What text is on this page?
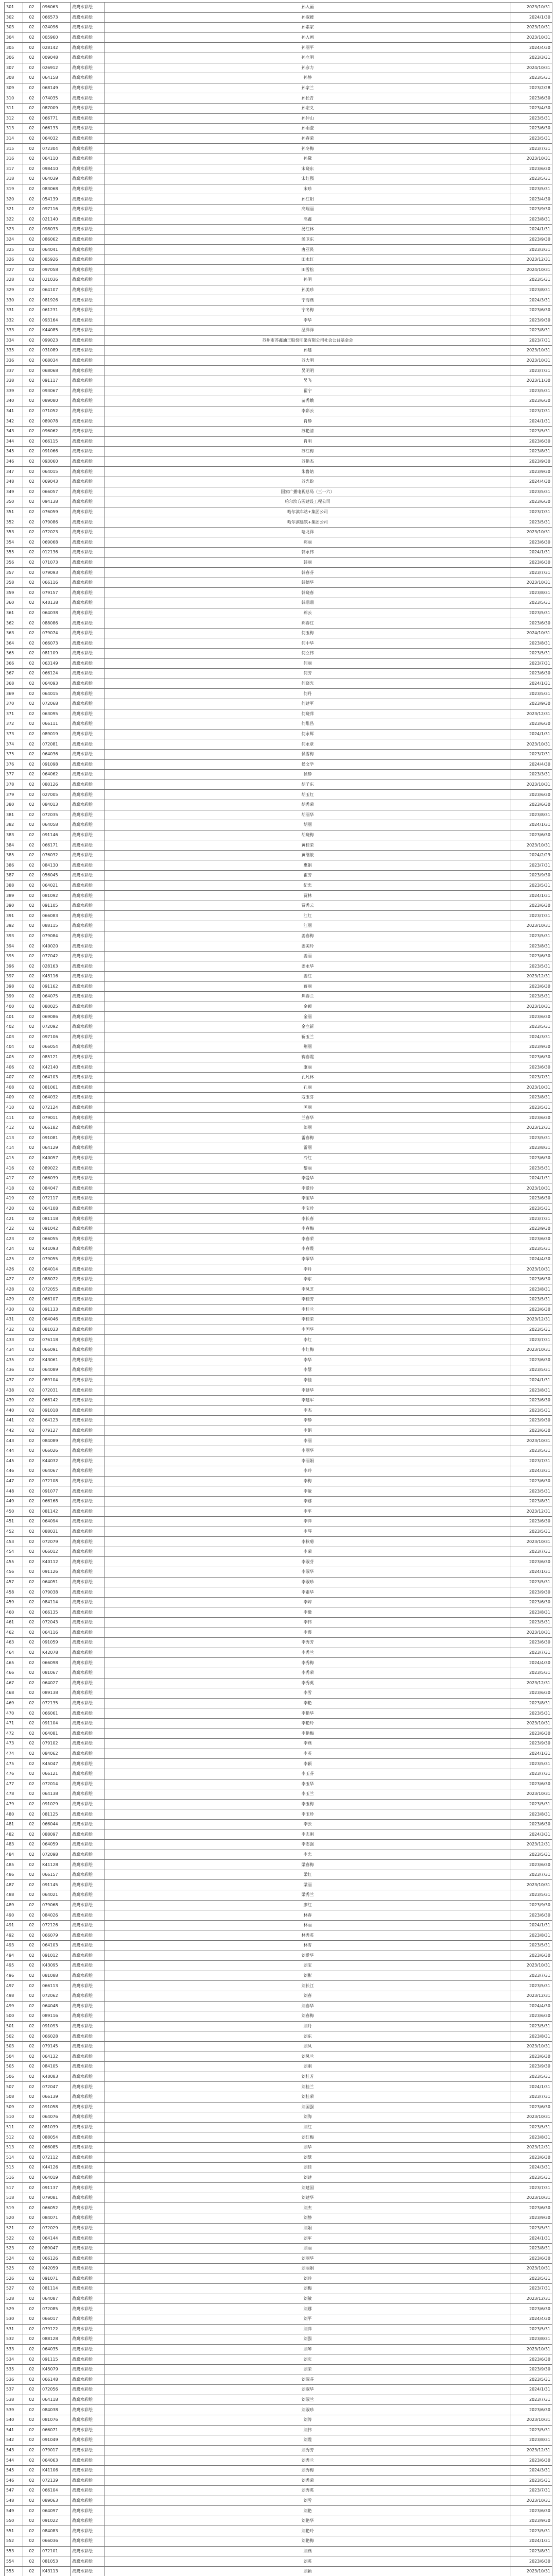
301	02	096063	战鹰水彩绘	孙入画	2023/10/31
302	02	066573	战鹰水彩绘	孙淑媛	2024/1/30
303	02	024096	战鹰水彩绘	孙素家	2023/10/31
304	02	005960	战鹰水彩绘	孙入画	2023/10/31
305	02	028142	战鹰水彩绘	孙丽平	2024/4/30
306	02	009048	战鹰水彩绘	孙立明	2023/3/31
307	02	026912	战鹰水彩绘	孙彦力	2024/10/31
308	02	064158	战鹰水彩绘	孙静	2023/5/31
309	02	068149	战鹰水彩绘	孙家兰	2023/2/28
310	02	074035	战鹰水彩绘	孙长青	2023/6/30
311	02	087009	战鹰水彩绘	孙宏义	2023/4/30
312	02	066771	战鹰水彩绘	孙仲山	2023/5/31
313	02	066133	战鹰水彩绘	孙雨澄	2023/6/30
314	02	064032	战鹰水彩绘	孙春荣	2023/5/31
315	02	072304	战鹰水彩绘	孙冬梅	2023/7/31
316	02	064110	战鹰水彩绘	孙黛	2023/10/31
317	02	098410	战鹰水彩绘	宋晓东	2023/6/30
318	02	064039	战鹰水彩绘	宋红强	2023/5/31
319	02	083068	战鹰水彩绘	宋珍	2023/5/31
320	02	054139	战鹰水彩绘	孙红阳	2023/4/30
321	02	097116	战鹰水彩绘	高瑞丽	2023/9/30
322	02	021140	战鹰水彩绘	高鑫	2023/8/31
323	02	098033	战鹰水彩绘	汤红林	2024/1/31
324	02	086062	战鹰水彩绘	汤卫东	2023/9/30
325	02	064041	战鹰水彩绘	唐亚民	2023/3/31
326	02	085926	战鹰水彩绘	田永红	2023/12/31
327	02	097058	战鹰水彩绘	田雪松	2024/10/31
328	02	021036	战鹰水彩绘	孙明	2023/5/31
329	02	064107	战鹰水彩绘	孙美珍	2023/8/31
330	02	081926	战鹰水彩绘	宁海燕	2024/3/31
331	02	061231	战鹰水彩绘	宁冬梅	2023/6/30
332	02	093164	战鹰水彩绘	李华	2023/9/30
333	02	K44085	战鹰水彩绘	温洋洋	2023/8/31
334	02	099023	战鹰水彩绘	苏州市苏鑫油王股份印染有限公司社会公益基金会	2023/7/31
335	02	031089	战鹰水彩绘	孙建	2023/10/31
336	02	068034	战鹰水彩绘	苏大明	2023/10/31
337	02	068068	战鹰水彩绘	吴明明	2023/7/31
338	02	091117	战鹰水彩绘	吴飞	2023/11/30
339	02	093067	战鹰水彩绘	翟宁	2023/5/31
340	02	089080	战鹰水彩绘	苗秀娥	2023/6/30
341	02	071052	战鹰水彩绘	李彩云	2023/7/31
342	02	089078	战鹰水彩绘	肖静	2024/1/31
343	02	096062	战鹰水彩绘	苏艳清	2023/5/31
344	02	066115	战鹰水彩绘	肖明	2023/6/30
345	02	091066	战鹰水彩绘	苏红梅	2023/8/31
346	02	093060	战鹰水彩绘	苏艳杰	2023/9/30
347	02	064015	战鹰水彩绘	朱鲁姑	2023/9/30
348	02	069043	战鹰水彩绘	苏光盼	2024/4/30
349	02	066057	战鹰水彩绘	国家广播电视总局（三一六）	2023/5/31
350	02	094138	战鹰水彩绘	哈尔滨方圆建设工程公司	2023/6/30
351	02	076059	战鹰水彩绘	哈尔滨车站+集团公司	2023/7/31
352	02	079086	战鹰水彩绘	哈尔滨建筑+集团公司	2023/5/31
353	02	072023	战鹰水彩绘	哈龙祥	2023/10/31
354	02	069068	战鹰水彩绘	郝丽	2023/6/30
355	02	012136	战鹰水彩绘	韩永伟	2024/1/31
356	02	071073	战鹰水彩绘	韩丽	2023/6/30
357	02	079093	战鹰水彩绘	韩春芬	2023/7/31
358	02	066116	战鹰水彩绘	韩德华	2023/10/31
359	02	079157	战鹰水彩绘	韩晓春	2023/8/31
360	02	K40138	战鹰水彩绘	韩珊珊	2023/5/31
361	02	064038	战鹰水彩绘	郝云	2023/5/31
362	02	088086	战鹰水彩绘	郝春红	2023/6/30
363	02	079074	战鹰水彩绘	何玉梅	2024/10/31
364	02	066073	战鹰水彩绘	何中华	2023/8/31
365	02	081109	战鹰水彩绘	何立伟	2023/5/31
366	02	063149	战鹰水彩绘	何丽	2023/7/31
367	02	066124	战鹰水彩绘	何芳	2023/6/30
368	02	064093	战鹰水彩绘	何晓光	2024/1/31
369	02	064015	战鹰水彩绘	何丹	2023/5/31
370	02	072068	战鹰水彩绘	何建军	2023/9/30
371	02	063095	战鹰水彩绘	何晓萍	2023/12/31
372	02	066111	战鹰水彩绘	何维昌	2023/6/30
373	02	089019	战鹰水彩绘	何永辉	2024/1/31
374	02	072081	战鹰水彩绘	何永章	2023/10/31
375	02	064036	战鹰水彩绘	侯雪梅	2023/7/31
376	02	091098	战鹰水彩绘	侯文学	2024/4/30
377	02	064062	战鹰水彩绘	侯静	2023/3/31
378	02	080126	战鹰水彩绘	胡子东	2023/10/31
379	02	027005	战鹰水彩绘	胡玉红	2023/6/30
380	02	084013	战鹰水彩绘	胡秀荣	2023/6/30
381	02	072035	战鹰水彩绘	胡丽华	2023/8/31
382	02	064058	战鹰水彩绘	胡丽	2024/1/31
383	02	091146	战鹰水彩绘	胡晓梅	2023/6/30
384	02	066171	战鹰水彩绘	黄桂荣	2023/10/31
385	02	076032	战鹰水彩绘	黄继敏	2024/2/29
386	02	084130	战鹰水彩绘	惠娟	2023/7/31
387	02	056045	战鹰水彩绘	霍芳	2023/9/30
388	02	064021	战鹰水彩绘	纪忠	2023/5/31
389	02	081092	战鹰水彩绘	贾林	2024/1/31
390	02	091105	战鹰水彩绘	贾秀云	2023/6/30
391	02	066083	战鹰水彩绘	江红	2023/7/31
392	02	088115	战鹰水彩绘	江丽	2023/10/31
393	02	079084	战鹰水彩绘	姜春梅	2023/5/31
394	02	K40020	战鹰水彩绘	姜美玲	2023/8/31
395	02	077042	战鹰水彩绘	姜丽	2023/6/30
396	02	028163	战鹰水彩绘	姜永华	2023/5/31
397	02	K45116	战鹰水彩绘	姜红	2023/12/31
398	02	091162	战鹰水彩绘	蒋丽	2023/6/30
399	02	064075	战鹰水彩绘	焦春兰	2023/5/31
400	02	080025	战鹰水彩绘	金颖	2023/10/31
401	02	069086	战鹰水彩绘	金丽	2023/6/30
402	02	072092	战鹰水彩绘	金立新	2023/5/31
403	02	097106	战鹰水彩绘	靳玉兰	2024/3/31
404	02	066054	战鹰水彩绘	荆丽	2023/9/30
405	02	085121	战鹰水彩绘	鞠春霞	2023/6/30
406	02	K42140	战鹰水彩绘	康丽	2023/6/30
407	02	064103	战鹰水彩绘	孔凡林	2023/7/31
408	02	081061	战鹰水彩绘	孔丽	2023/10/31
409	02	064032	战鹰水彩绘	寇玉芬	2023/8/31
410	02	072124	战鹰水彩绘	匡丽	2023/5/31
411	02	079011	战鹰水彩绘	兰春华	2023/6/30
412	02	066182	战鹰水彩绘	郎丽	2023/12/31
413	02	091081	战鹰水彩绘	雷春梅	2023/5/31
414	02	064129	战鹰水彩绘	雷丽	2023/8/31
415	02	K40057	战鹰水彩绘	冷红	2023/6/30
416	02	089022	战鹰水彩绘	黎丽	2023/5/31
417	02	066039	战鹰水彩绘	李爱华	2024/1/31
418	02	084047	战鹰水彩绘	李爱玲	2023/10/31
419	02	072117	战鹰水彩绘	李宝华	2023/6/30
420	02	064108	战鹰水彩绘	李宝珍	2023/5/31
421	02	081118	战鹰水彩绘	李长春	2023/7/31
422	02	091042	战鹰水彩绘	李春梅	2023/9/30
423	02	066055	战鹰水彩绘	李春荣	2023/6/30
424	02	K41093	战鹰水彩绘	李春霞	2023/5/31
425	02	079055	战鹰水彩绘	李翠华	2024/4/30
426	02	064014	战鹰水彩绘	李丹	2023/10/31
427	02	088072	战鹰水彩绘	李东	2023/6/30
428	02	072055	战鹰水彩绘	李凤芝	2023/8/31
429	02	066107	战鹰水彩绘	李桂芳	2023/5/31
430	02	091133	战鹰水彩绘	李桂兰	2023/6/30
431	02	064046	战鹰水彩绘	李桂荣	2023/12/31
432	02	081033	战鹰水彩绘	李国华	2023/5/31
433	02	076118	战鹰水彩绘	李红	2023/7/31
434	02	066091	战鹰水彩绘	李红梅	2023/10/31
435	02	K43061	战鹰水彩绘	李华	2023/6/30
436	02	064089	战鹰水彩绘	李慧	2023/5/31
437	02	089104	战鹰水彩绘	李佳	2024/1/31
438	02	072031	战鹰水彩绘	李建华	2023/8/31
439	02	066142	战鹰水彩绘	李建军	2023/6/30
440	02	091018	战鹰水彩绘	李杰	2023/5/31
441	02	064123	战鹰水彩绘	李静	2023/9/30
442	02	079127	战鹰水彩绘	李娟	2023/6/30
443	02	084089	战鹰水彩绘	李丽	2023/10/31
444	02	066026	战鹰水彩绘	李丽华	2023/5/31
445	02	K44032	战鹰水彩绘	李丽娟	2023/7/31
446	02	064067	战鹰水彩绘	李玲	2024/3/31
447	02	072108	战鹰水彩绘	李梅	2023/6/30
448	02	091077	战鹰水彩绘	李敏	2023/5/31
449	02	066168	战鹰水彩绘	李娜	2023/8/31
450	02	081142	战鹰水彩绘	李平	2023/12/31
451	02	064094	战鹰水彩绘	李萍	2023/6/30
452	02	088031	战鹰水彩绘	李琴	2023/5/31
453	02	072079	战鹰水彩绘	李秋菊	2023/10/31
454	02	066012	战鹰水彩绘	李荣	2023/7/31
455	02	K40112	战鹰水彩绘	李淑芬	2023/6/30
456	02	091126	战鹰水彩绘	李淑华	2024/1/31
457	02	064051	战鹰水彩绘	李淑珍	2023/5/31
458	02	079038	战鹰水彩绘	李素华	2023/9/30
459	02	084114	战鹰水彩绘	李婷	2023/6/30
460	02	066135	战鹰水彩绘	李微	2023/8/31
461	02	072043	战鹰水彩绘	李伟	2023/5/31
462	02	064116	战鹰水彩绘	李霞	2023/10/31
463	02	091059	战鹰水彩绘	李秀芳	2023/6/30
464	02	K42078	战鹰水彩绘	李秀兰	2023/7/31
465	02	066098	战鹰水彩绘	李秀梅	2024/4/30
466	02	081067	战鹰水彩绘	李秀荣	2023/5/31
467	02	064027	战鹰水彩绘	李秀英	2023/12/31
468	02	089138	战鹰水彩绘	李雪	2023/6/30
469	02	072135	战鹰水彩绘	李艳	2023/8/31
470	02	066061	战鹰水彩绘	李艳华	2023/5/31
471	02	091104	战鹰水彩绘	李艳玲	2023/10/31
472	02	064081	战鹰水彩绘	李艳梅	2023/6/30
473	02	079102	战鹰水彩绘	李燕	2023/9/30
474	02	084062	战鹰水彩绘	李英	2024/1/31
475	02	K45047	战鹰水彩绘	李颖	2023/5/31
476	02	066121	战鹰水彩绘	李玉芬	2023/7/31
477	02	072014	战鹰水彩绘	李玉华	2023/6/30
478	02	064138	战鹰水彩绘	李玉兰	2023/10/31
479	02	091029	战鹰水彩绘	李玉梅	2023/5/31
480	02	081125	战鹰水彩绘	李玉珍	2023/8/31
481	02	066044	战鹰水彩绘	李云	2023/6/30
482	02	088097	战鹰水彩绘	李志刚	2024/3/31
483	02	064059	战鹰水彩绘	李志强	2023/12/31
484	02	072098	战鹰水彩绘	李忠	2023/5/31
485	02	K41128	战鹰水彩绘	梁春梅	2023/6/30
486	02	066157	战鹰水彩绘	梁红	2023/7/31
487	02	091145	战鹰水彩绘	梁丽	2023/10/31
488	02	064021	战鹰水彩绘	梁秀兰	2023/5/31
489	02	079068	战鹰水彩绘	廖红	2023/9/30
490	02	084026	战鹰水彩绘	林春	2023/6/30
491	02	072126	战鹰水彩绘	林丽	2024/1/31
492	02	066079	战鹰水彩绘	林秀英	2023/8/31
493	02	064103	战鹰水彩绘	林雪	2023/5/31
494	02	091012	战鹰水彩绘	刘爱华	2023/6/30
495	02	K43095	战鹰水彩绘	刘宝	2023/10/31
496	02	081088	战鹰水彩绘	刘彬	2023/7/31
497	02	066113	战鹰水彩绘	刘长江	2023/5/31
498	02	072062	战鹰水彩绘	刘春	2023/12/31
499	02	064048	战鹰水彩绘	刘春华	2024/4/30
500	02	089116	战鹰水彩绘	刘春梅	2023/6/30
501	02	091093	战鹰水彩绘	刘丹	2023/5/31
502	02	066028	战鹰水彩绘	刘东	2023/8/31
503	02	079145	战鹰水彩绘	刘凤	2023/10/31
504	02	064132	战鹰水彩绘	刘凤兰	2023/6/30
505	02	084105	战鹰水彩绘	刘刚	2023/9/30
506	02	K40083	战鹰水彩绘	刘桂芳	2023/5/31
507	02	072047	战鹰水彩绘	刘桂兰	2024/1/31
508	02	066139	战鹰水彩绘	刘桂荣	2023/7/31
509	02	091058	战鹰水彩绘	刘国强	2023/6/30
510	02	064076	战鹰水彩绘	刘海	2023/10/31
511	02	081039	战鹰水彩绘	刘红	2023/5/31
512	02	088054	战鹰水彩绘	刘红梅	2023/8/31
513	02	066085	战鹰水彩绘	刘华	2023/12/31
514	02	072112	战鹰水彩绘	刘慧	2023/6/30
515	02	K44126	战鹰水彩绘	刘佳	2024/3/31
516	02	064019	战鹰水彩绘	刘建	2023/5/31
517	02	091137	战鹰水彩绘	刘建国	2023/7/31
518	02	079081	战鹰水彩绘	刘建华	2023/10/31
519	02	066052	战鹰水彩绘	刘杰	2023/6/30
520	02	084071	战鹰水彩绘	刘静	2023/9/30
521	02	072029	战鹰水彩绘	刘娟	2023/5/31
522	02	064144	战鹰水彩绘	刘军	2024/1/31
523	02	089047	战鹰水彩绘	刘丽	2023/8/31
524	02	066126	战鹰水彩绘	刘丽华	2023/6/30
525	02	K42059	战鹰水彩绘	刘丽娟	2023/10/31
526	02	091071	战鹰水彩绘	刘玲	2023/5/31
527	02	081114	战鹰水彩绘	刘梅	2023/7/31
528	02	064087	战鹰水彩绘	刘敏	2023/12/31
529	02	072085	战鹰水彩绘	刘娜	2023/6/30
530	02	066017	战鹰水彩绘	刘平	2024/4/30
531	02	079122	战鹰水彩绘	刘萍	2023/5/31
532	02	088128	战鹰水彩绘	刘强	2023/8/31
533	02	064035	战鹰水彩绘	刘琴	2023/10/31
534	02	091115	战鹰水彩绘	刘庆	2023/6/30
535	02	K45079	战鹰水彩绘	刘荣	2023/9/30
536	02	066148	战鹰水彩绘	刘淑芬	2023/5/31
537	02	072056	战鹰水彩绘	刘淑华	2024/1/31
538	02	064118	战鹰水彩绘	刘淑兰	2023/7/31
539	02	084038	战鹰水彩绘	刘淑珍	2023/6/30
540	02	081076	战鹰水彩绘	刘涛	2023/10/31
541	02	066071	战鹰水彩绘	刘伟	2023/5/31
542	02	091049	战鹰水彩绘	刘霞	2023/8/31
543	02	079017	战鹰水彩绘	刘秀芳	2023/12/31
544	02	064063	战鹰水彩绘	刘秀兰	2023/6/30
545	02	K41106	战鹰水彩绘	刘秀梅	2024/3/31
546	02	072139	战鹰水彩绘	刘秀荣	2023/5/31
547	02	066104	战鹰水彩绘	刘秀英	2023/7/31
548	02	089063	战鹰水彩绘	刘雪	2023/10/31
549	02	064097	战鹰水彩绘	刘艳	2023/6/30
550	02	091022	战鹰水彩绘	刘艳华	2023/9/30
551	02	084083	战鹰水彩绘	刘艳玲	2023/5/31
552	02	066036	战鹰水彩绘	刘艳梅	2024/1/31
553	02	072101	战鹰水彩绘	刘燕	2023/8/31
554	02	081053	战鹰水彩绘	刘英	2023/6/30
555	02	K43113	战鹰水彩绘	刘颖	2023/10/31
